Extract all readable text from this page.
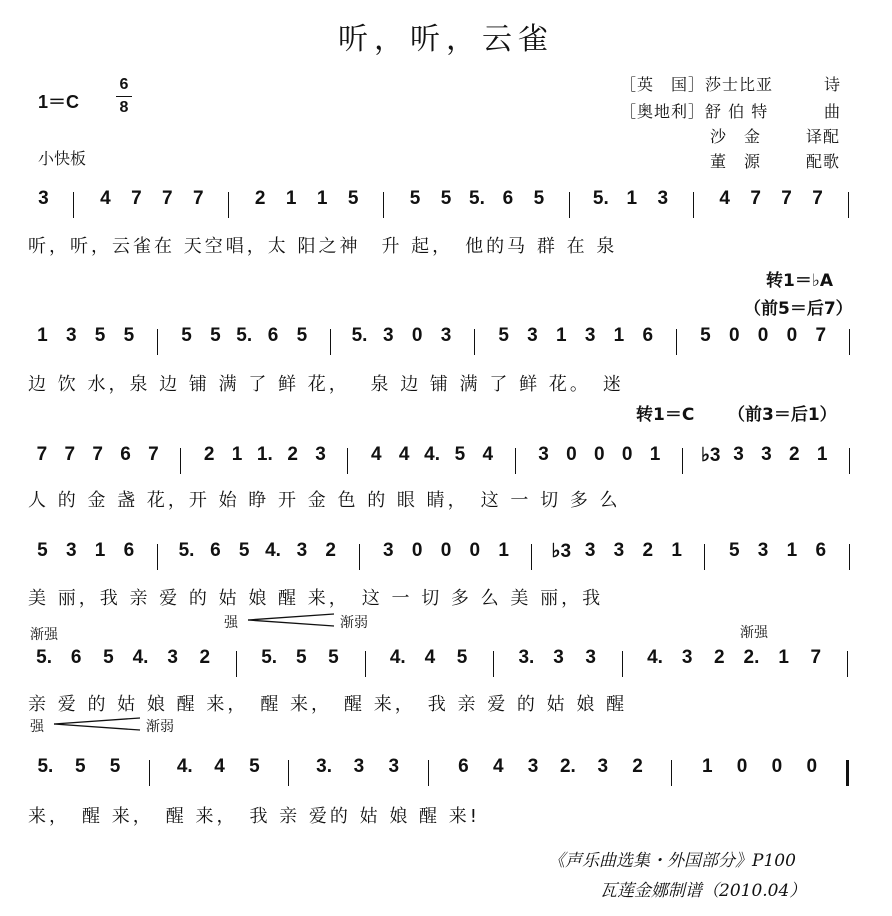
听，听，云雀
1＝C
6
8
小快板
［英　国］莎士比亚	诗
［奥地利］舒 伯 特	曲
沙　金	译配
董　源	配歌
3	4	7	7	7	2	1	1	5	5	5 5. 6	5	5. 1	3	4	7	7	7
听，听，云雀在 天空唱，太 阳之神　升 起，　他的马 群 在 泉
转1＝♭A
（前5＝后7）
1 3 5 5	5 5 5. 6 5	5. 3 0 3	5 3 1 3 1 6	5 0 0 0 7
边 饮 水，泉 边 铺 满 了 鲜 花，　 泉 边 铺 满 了 鲜 花。　迷
转1＝C （前3＝后1）
7 7 7 6 7	2 1 1. 2 3	4 4 4. 5 4	3 0 0 0 1	♭3 3 3 2 1
人 的 金 盏 花，开 始 睁 开 金 色 的 眼 睛，　这 一 切 多 么
5 3 1 6	5. 6 5 4. 3 2	3 0 0 0 1	♭3 3 3 2 1	5 3 1 6
美 丽，我 亲 爱 的 姑 娘 醒 来，　这 一 切 多 么 美 丽，我
渐强
强	渐弱
渐强
5. 6	5 4. 3	2	5. 5	5	4. 4	5	3. 3	3	4. 3	2 2. 1	7
亲 爱 的 姑 娘 醒 来，　醒 来，　醒 来，　我 亲 爱 的 姑 娘 醒
强	渐弱
5.	5	5	4.	4	5	3.	3	3	6	4	3	2.	3	2	1	0	0	0
来，　醒 来，　醒 来，　我 亲 爱的 姑 娘 醒 来!
《声乐曲选集・外国部分》P100
瓦莲金娜制谱（2010.04）
